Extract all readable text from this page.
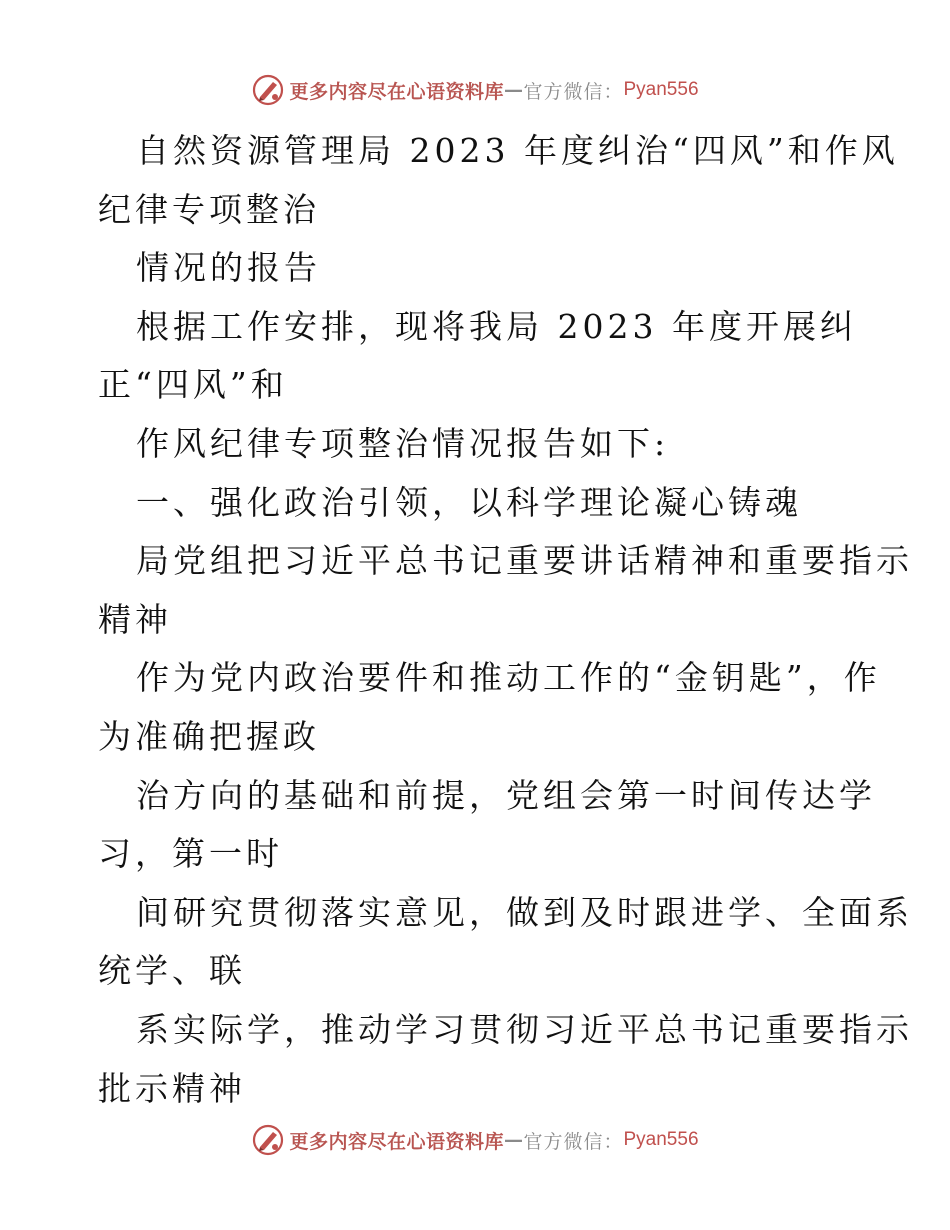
更多内容尽在心语资料库 — 官方微信： Pyan556
自然资源管理局 2023 年度纠治“四风”和作风
纪律专项整治
情况的报告
根据工作安排，现将我局 2023 年度开展纠
正“四风”和
作风纪律专项整治情况报告如下:
一、强化政治引领，以科学理论凝心铸魂
局党组把习近平总书记重要讲话精神和重要指示
精神
作为党内政治要件和推动工作的“金钥匙”，作
为准确把握政
治方向的基础和前提，党组会第一时间传达学
习，第一时
间研究贯彻落实意见，做到及时跟进学、全面系
统学、联
系实际学，推动学习贯彻习近平总书记重要指示
批示精神
更多内容尽在心语资料库 — 官方微信： Pyan556
